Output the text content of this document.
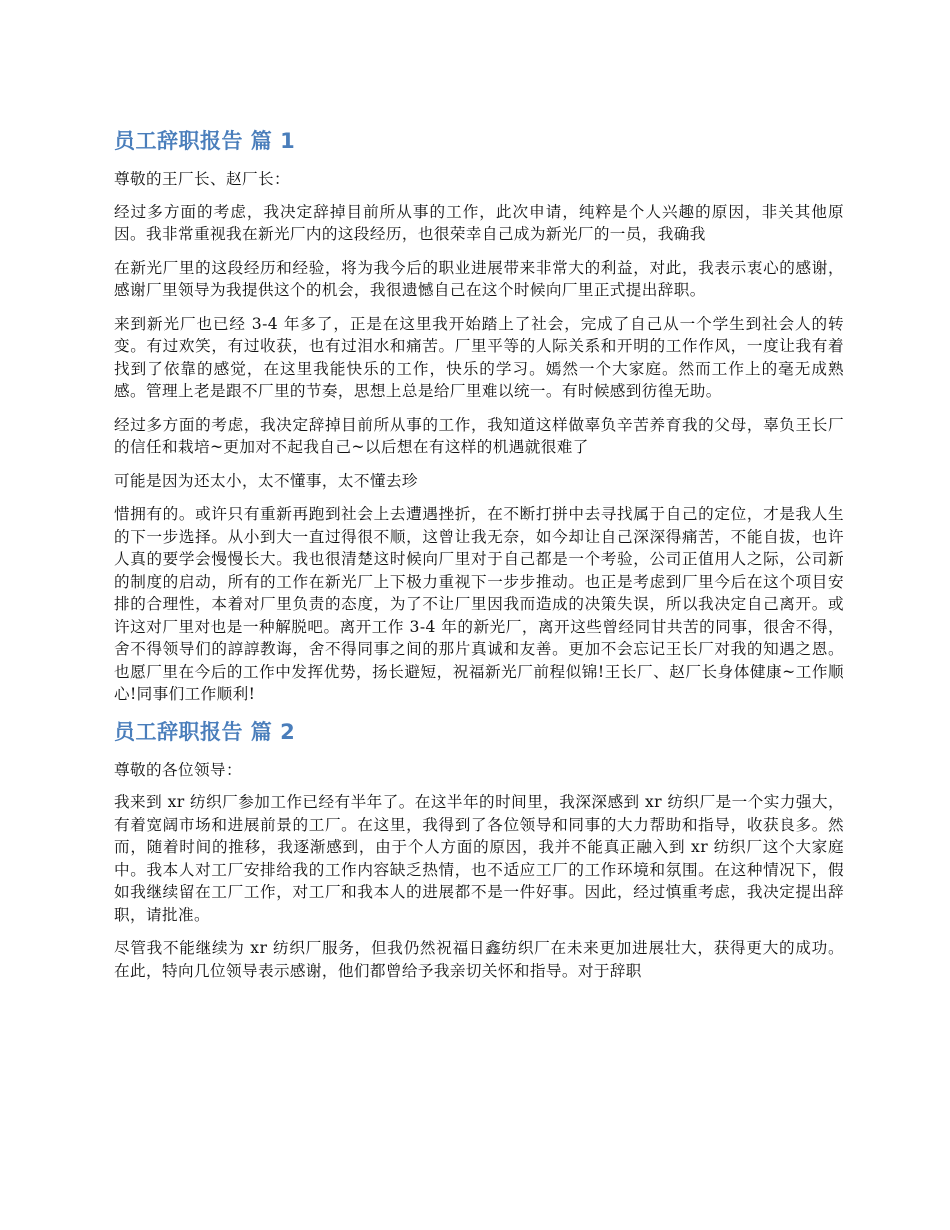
员工辞职报告 篇 1

尊敬的王厂长、赵厂长：

经过多方面的考虑，我决定辞掉目前所从事的工作，此次申请，纯粹是个人兴趣的原因，非关其他原因。我非常重视我在新光厂内的这段经历，也很荣幸自己成为新光厂的一员，我确我

在新光厂里的这段经历和经验，将为我今后的职业进展带来非常大的利益，对此，我表示衷心的感谢，感谢厂里领导为我提供这个的机会，我很遗憾自己在这个时候向厂里正式提出辞职。

来到新光厂也已经 3-4 年多了，正是在这里我开始踏上了社会，完成了自己从一个学生到社会人的转变。有过欢笑，有过收获，也有过泪水和痛苦。厂里平等的人际关系和开明的工作作风，一度让我有着找到了依靠的感觉，在这里我能快乐的工作，快乐的学习。嫣然一个大家庭。然而工作上的毫无成熟感。管理上老是跟不厂里的节奏，思想上总是给厂里难以统一。有时候感到彷徨无助。

经过多方面的考虑，我决定辞掉目前所从事的工作，我知道这样做辜负辛苦养育我的父母，辜负王长厂的信任和栽培~更加对不起我自己~以后想在有这样的机遇就很难了

可能是因为还太小，太不懂事，太不懂去珍

惜拥有的。或许只有重新再跑到社会上去遭遇挫折，在不断打拼中去寻找属于自己的定位，才是我人生的下一步选择。从小到大一直过得很不顺，这曾让我无奈，如今却让自己深深得痛苦，不能自拔，也许人真的要学会慢慢长大。我也很清楚这时候向厂里对于自己都是一个考验，公司正值用人之际，公司新的制度的启动，所有的工作在新光厂上下极力重视下一步步推动。也正是考虑到厂里今后在这个项目安排的合理性，本着对厂里负责的态度，为了不让厂里因我而造成的决策失误，所以我决定自己离开。或许这对厂里对也是一种解脱吧。离开工作 3-4 年的新光厂，离开这些曾经同甘共苦的同事，很舍不得，舍不得领导们的諄諄教诲，舍不得同事之间的那片真诚和友善。更加不会忘记王长厂对我的知遇之恩。也愿厂里在今后的工作中发挥优势，扬长避短，祝福新光厂前程似锦!王长厂、赵厂长身体健康~工作顺心!同事们工作顺利!

员工辞职报告 篇 2

尊敬的各位领导：

我来到 xr 纺织厂参加工作已经有半年了。在这半年的时间里，我深深感到 xr 纺织厂是一个实力强大，有着宽阔市场和进展前景的工厂。在这里，我得到了各位领导和同事的大力帮助和指导，收获良多。然而，随着时间的推移，我逐渐感到，由于个人方面的原因，我并不能真正融入到 xr 纺织厂这个大家庭中。我本人对工厂安排给我的工作内容缺乏热情，也不适应工厂的工作环境和氛围。在这种情况下，假如我继续留在工厂工作，对工厂和我本人的进展都不是一件好事。因此，经过慎重考虑，我决定提出辞职，请批准。

尽管我不能继续为 xr 纺织厂服务，但我仍然祝福日鑫纺织厂在未来更加进展壮大，获得更大的成功。在此，特向几位领导表示感谢，他们都曾给予我亲切关怀和指导。对于辞职
